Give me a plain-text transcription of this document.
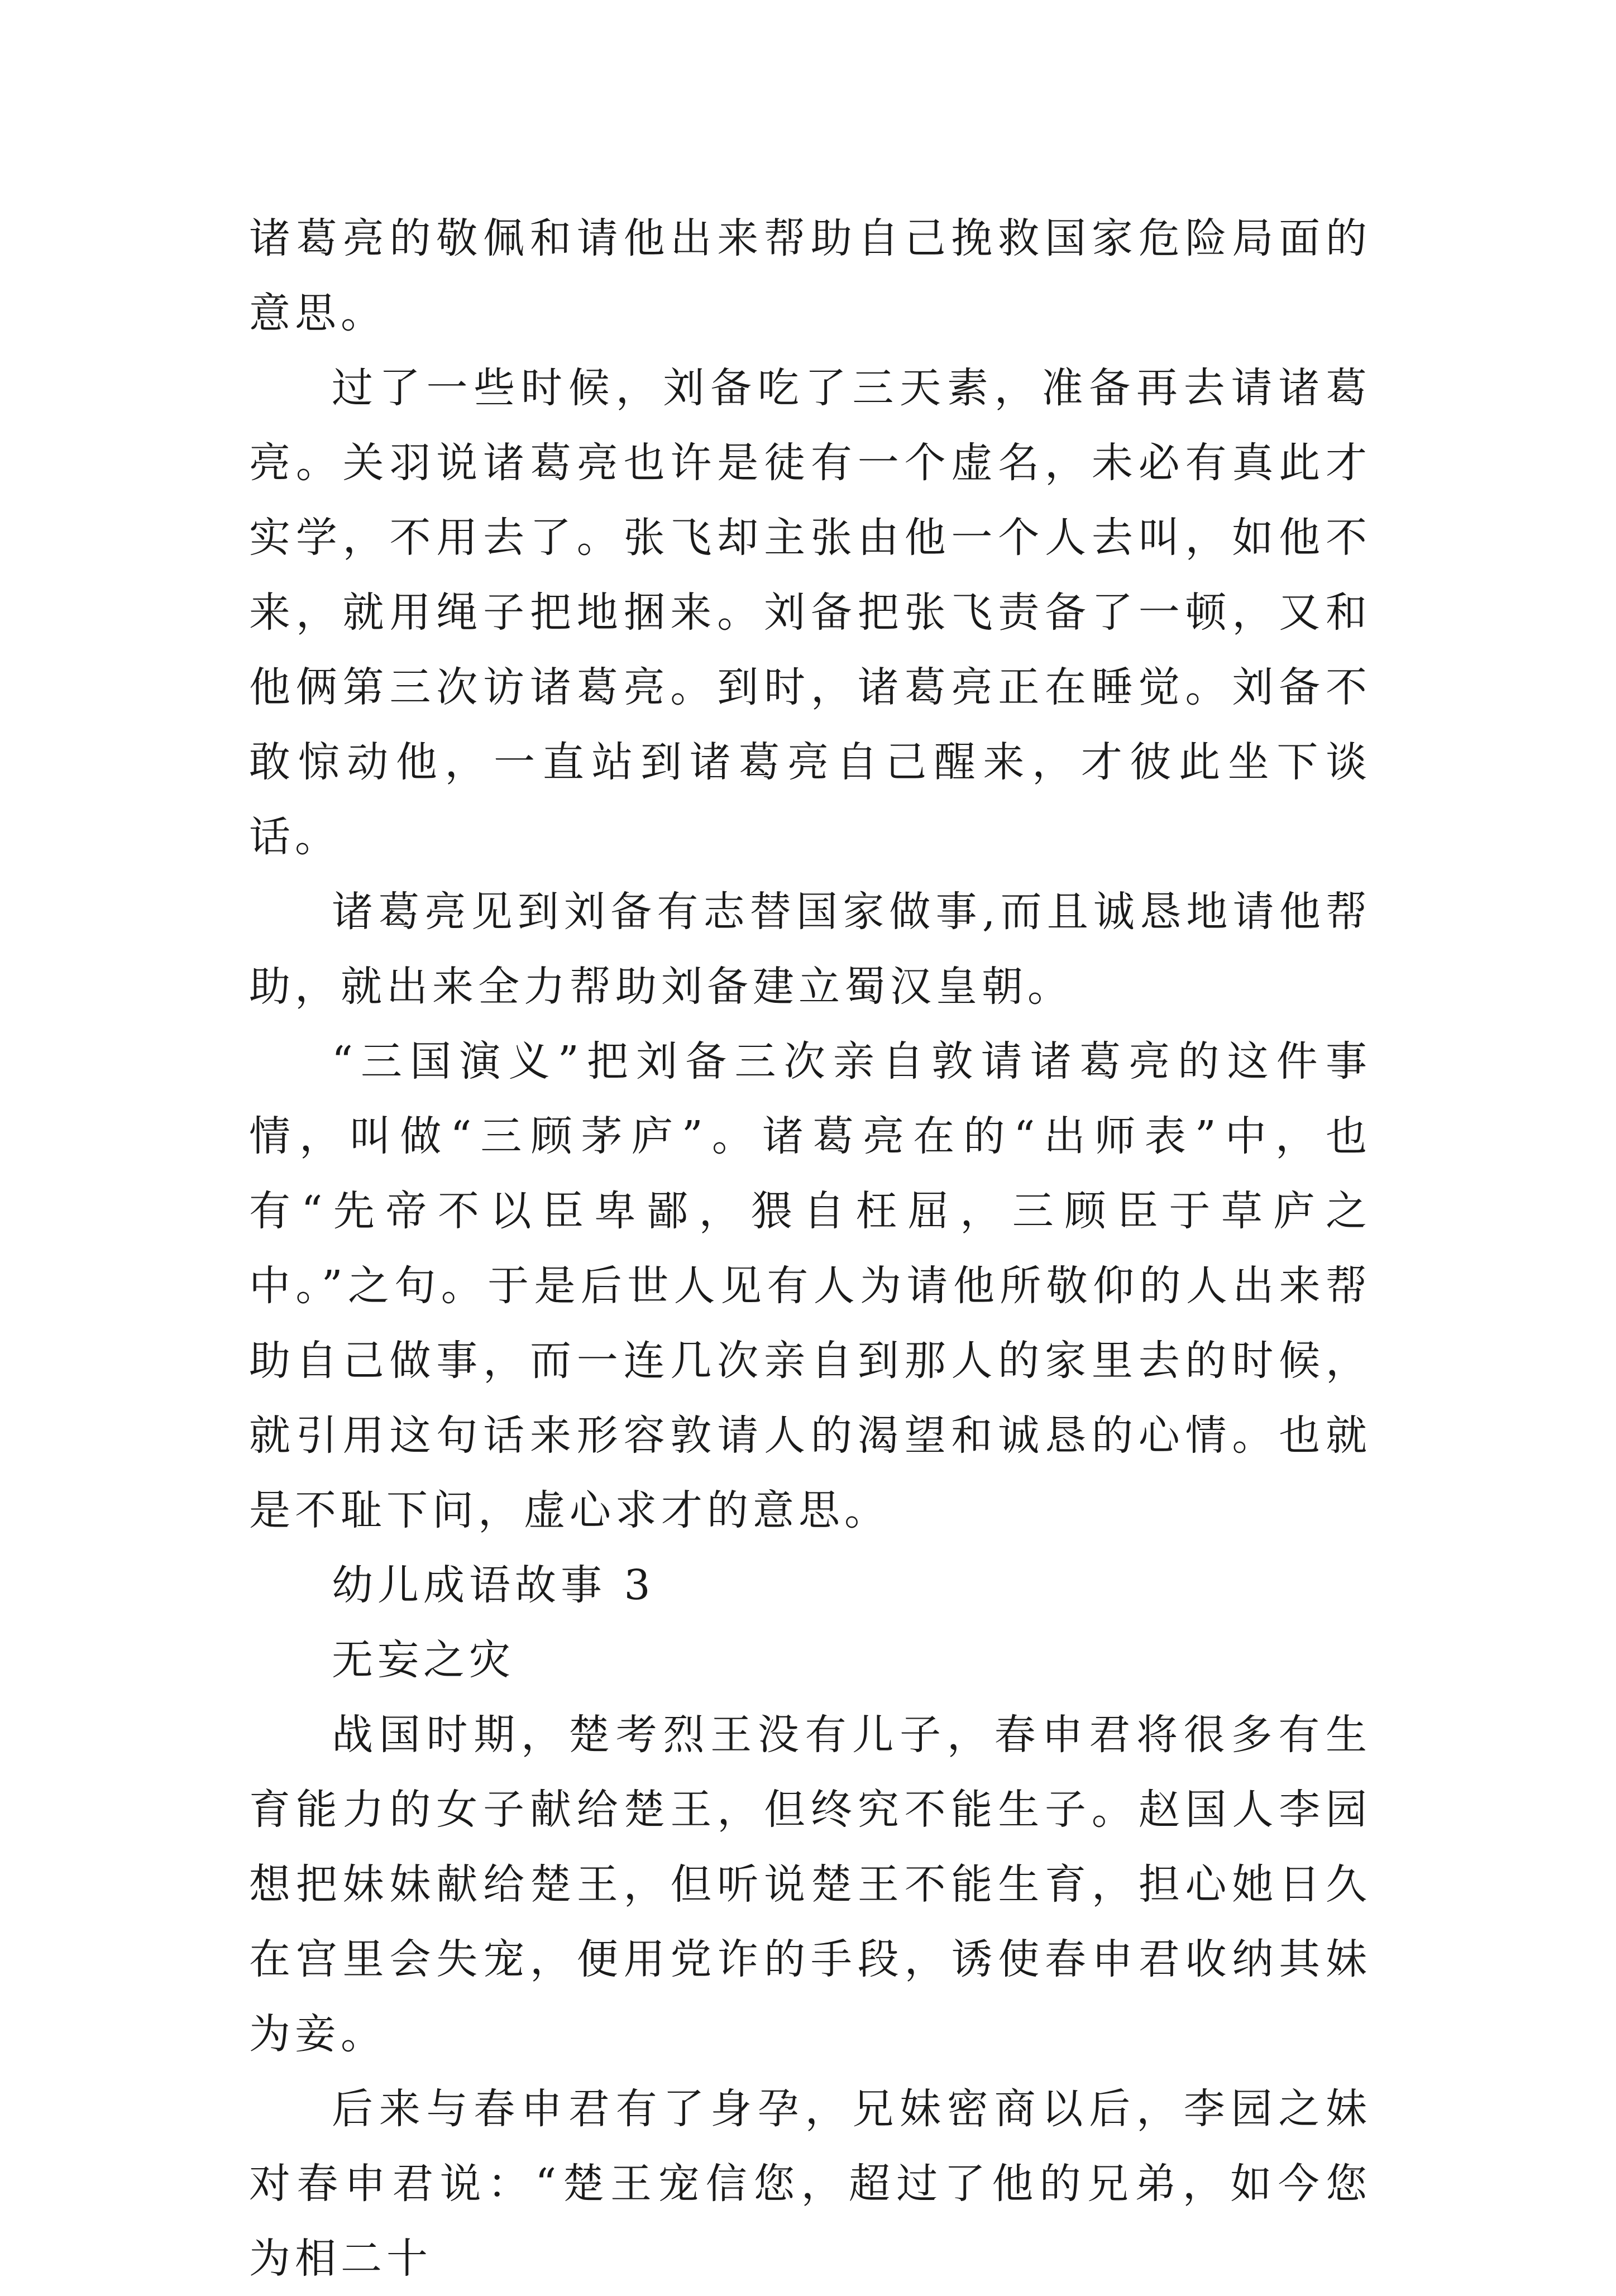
诸葛亮的敬佩和请他出来帮助自己挽救国家危险局面的意思。

过了一些时候，刘备吃了三天素，准备再去请诸葛亮。关羽说诸葛亮也许是徒有一个虚名，未必有真此才实学，不用去了。张飞却主张由他一个人去叫，如他不来，就用绳子把地捆来。刘备把张飞责备了一顿，又和他俩第三次访诸葛亮。到时，诸葛亮正在睡觉。刘备不敢惊动他，一直站到诸葛亮自己醒来，才彼此坐下谈话。

诸葛亮见到刘备有志替国家做事,而且诚恳地请他帮助，就出来全力帮助刘备建立蜀汉皇朝。

“三国演义”把刘备三次亲自敦请诸葛亮的这件事情，叫做“三顾茅庐”。诸葛亮在的“出师表”中，也有“先帝不以臣卑鄙，猥自枉屈，三顾臣于草庐之中。”之句。于是后世人见有人为请他所敬仰的人出来帮助自己做事，而一连几次亲自到那人的家里去的时候，就引用这句话来形容敦请人的渴望和诚恳的心情。也就是不耻下问，虚心求才的意思。

幼儿成语故事 3

无妄之灾

战国时期，楚考烈王没有儿子，春申君将很多有生育能力的女子献给楚王，但终究不能生子。赵国人李园想把妹妹献给楚王，但听说楚王不能生育，担心她日久在宫里会失宠，便用党诈的手段，诱使春申君收纳其妹为妾。

后来与春申君有了身孕，兄妹密商以后，李园之妹对春申君说：“楚王宠信您，超过了他的兄弟，如今您为相二十
